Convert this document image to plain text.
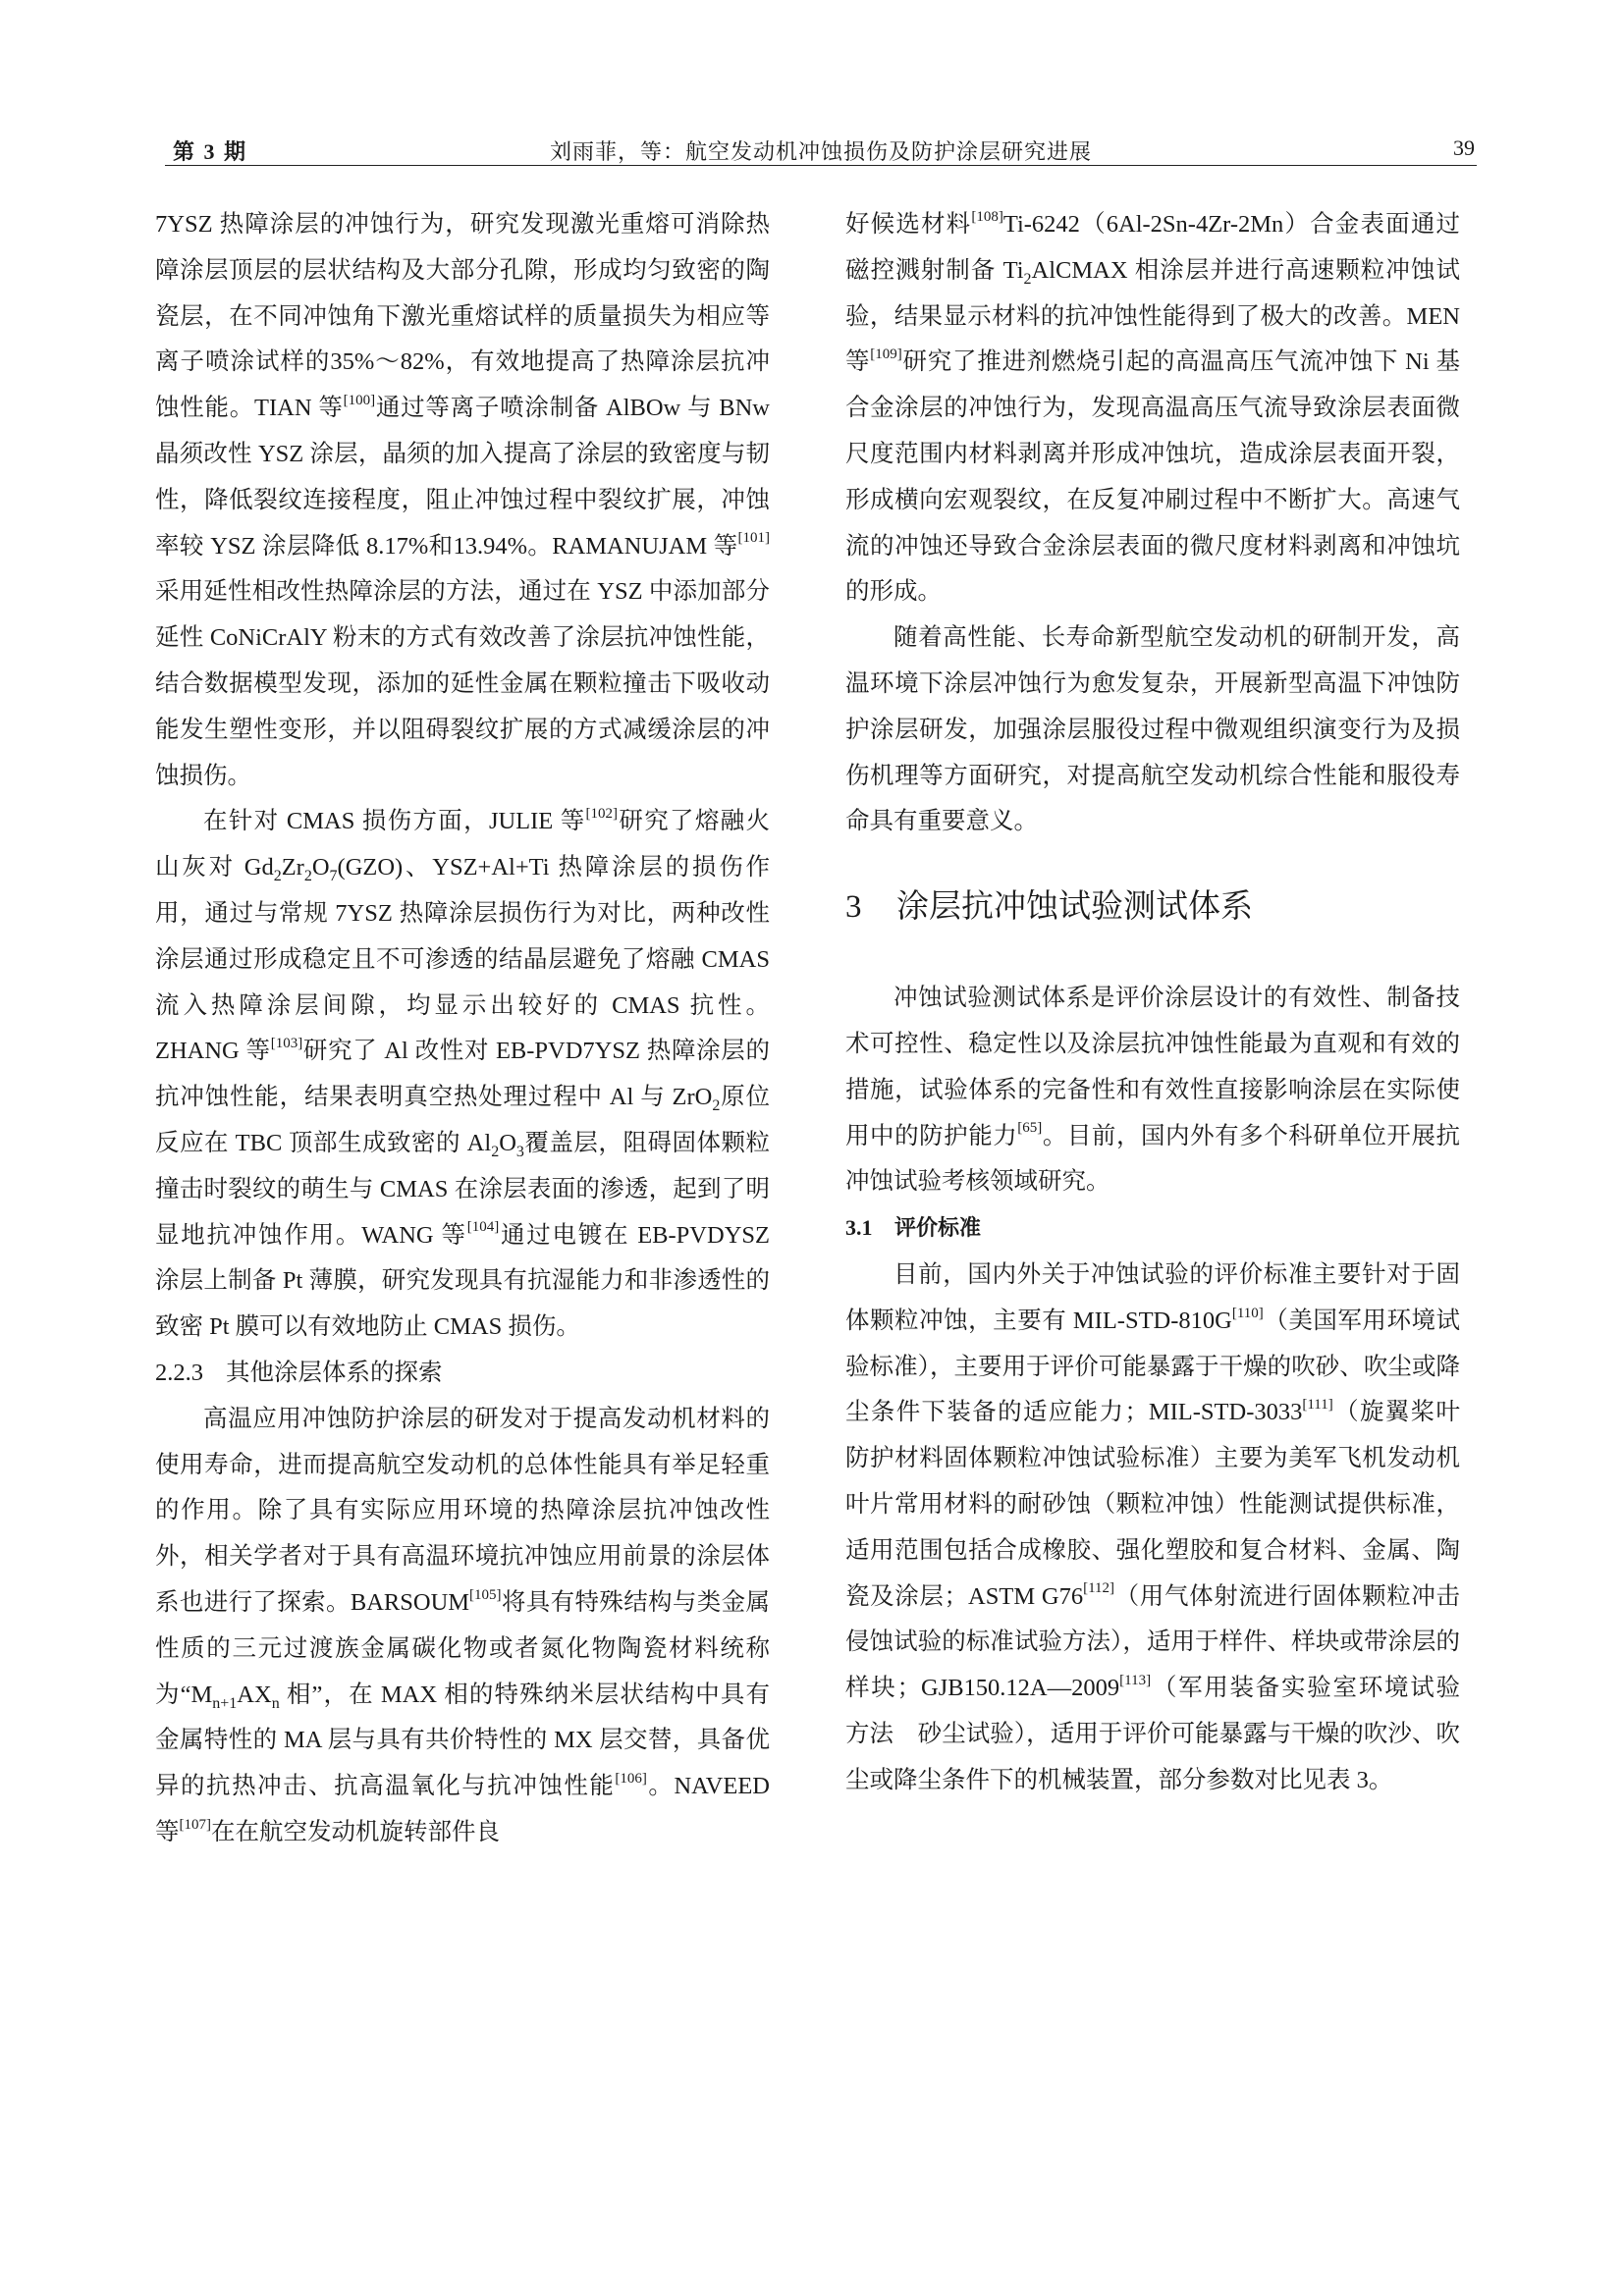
第 3 期	刘雨菲，等：航空发动机冲蚀损伤及防护涂层研究进展	39

7YSZ 热障涂层的冲蚀行为，研究发现激光重熔可消除热障涂层顶层的层状结构及大部分孔隙，形成均匀致密的陶瓷层，在不同冲蚀角下激光重熔试样的质量损失为相应等离子喷涂试样的35%～82%，有效地提高了热障涂层抗冲蚀性能。TIAN 等[100]通过等离子喷涂制备 AlBOw 与 BNw 晶须改性 YSZ 涂层，晶须的加入提高了涂层的致密度与韧性，降低裂纹连接程度，阻止冲蚀过程中裂纹扩展，冲蚀率较 YSZ 涂层降低 8.17%和13.94%。RAMANUJAM 等[101]采用延性相改性热障涂层的方法，通过在 YSZ 中添加部分延性 CoNiCrAlY 粉末的方式有效改善了涂层抗冲蚀性能，结合数据模型发现，添加的延性金属在颗粒撞击下吸收动能发生塑性变形，并以阻碍裂纹扩展的方式减缓涂层的冲蚀损伤。

在针对 CMAS 损伤方面，JULIE 等[102]研究了熔融火山灰对 $Gd_2Zr_2O_7(GZO)$、YSZ+Al+Ti 热障涂层的损伤作用，通过与常规 7YSZ 热障涂层损伤行为对比，两种改性涂层通过形成稳定且不可渗透的结晶层避免了熔融 CMAS 流入热障涂层间隙，均显示出较好的 CMAS 抗性。ZHANG 等[103]研究了 Al 改性对 EB-PVD7YSZ 热障涂层的抗冲蚀性能，结果表明真空热处理过程中 Al 与 ZrO$_2$原位反应在 TBC 顶部生成致密的 $Al_2O_3$覆盖层，阻碍固体颗粒撞击时裂纹的萌生与 CMAS 在涂层表面的渗透，起到了明显地抗冲蚀作用。WANG 等[104]通过电镀在 EB-PVDYSZ 涂层上制备 Pt 薄膜，研究发现具有抗湿能力和非渗透性的致密 Pt 膜可以有效地防止 CMAS 损伤。

2.2.3 其他涂层体系的探索

高温应用冲蚀防护涂层的研发对于提高发动机材料的使用寿命，进而提高航空发动机的总体性能具有举足轻重的作用。除了具有实际应用环境的热障涂层抗冲蚀改性外，相关学者对于具有高温环境抗冲蚀应用前景的涂层体系也进行了探索。BARSOUM[105]将具有特殊结构与类金属性质的三元过渡族金属碳化物或者氮化物陶瓷材料统称为“$M_{n+1}AX_n$ 相”，在 MAX 相的特殊纳米层状结构中具有金属特性的 MA 层与具有共价特性的 MX 层交替，具备优异的抗热冲击、抗高温氧化与抗冲蚀性能[106]。NAVEED 等[107]在在航空发动机旋转部件良

好候选材料[108]Ti-6242（6Al-2Sn-4Zr-2Mn）合金表面通过磁控溅射制备 $Ti_2AlCMAX$ 相涂层并进行高速颗粒冲蚀试验，结果显示材料的抗冲蚀性能得到了极大的改善。MEN 等[109]研究了推进剂燃烧引起的高温高压气流冲蚀下 Ni 基合金涂层的冲蚀行为，发现高温高压气流导致涂层表面微尺度范围内材料剥离并形成冲蚀坑，造成涂层表面开裂，形成横向宏观裂纹，在反复冲刷过程中不断扩大。高速气流的冲蚀还导致合金涂层表面的微尺度材料剥离和冲蚀坑的形成。

随着高性能、长寿命新型航空发动机的研制开发，高温环境下涂层冲蚀行为愈发复杂，开展新型高温下冲蚀防护涂层研发，加强涂层服役过程中微观组织演变行为及损伤机理等方面研究，对提高航空发动机综合性能和服役寿命具有重要意义。

3 涂层抗冲蚀试验测试体系

冲蚀试验测试体系是评价涂层设计的有效性、制备技术可控性、稳定性以及涂层抗冲蚀性能最为直观和有效的措施，试验体系的完备性和有效性直接影响涂层在实际使用中的防护能力[65]。目前，国内外有多个科研单位开展抗冲蚀试验考核领域研究。

3.1 评价标准

目前，国内外关于冲蚀试验的评价标准主要针对于固体颗粒冲蚀，主要有 MIL-STD-810G[110]（美国军用环境试验标准），主要用于评价可能暴露于干燥的吹砂、吹尘或降尘条件下装备的适应能力；MIL-STD-3033[111]（旋翼桨叶防护材料固体颗粒冲蚀试验标准）主要为美军飞机发动机叶片常用材料的耐砂蚀（颗粒冲蚀）性能测试提供标准，适用范围包括合成橡胶、强化塑胶和复合材料、金属、陶瓷及涂层；ASTM G76[112]（用气体射流进行固体颗粒冲击侵蚀试验的标准试验方法），适用于样件、样块或带涂层的样块；GJB150.12A—2009[113]（军用装备实验室环境试验方法　砂尘试验），适用于评价可能暴露与干燥的吹沙、吹尘或降尘条件下的机械装置，部分参数对比见表 3。
